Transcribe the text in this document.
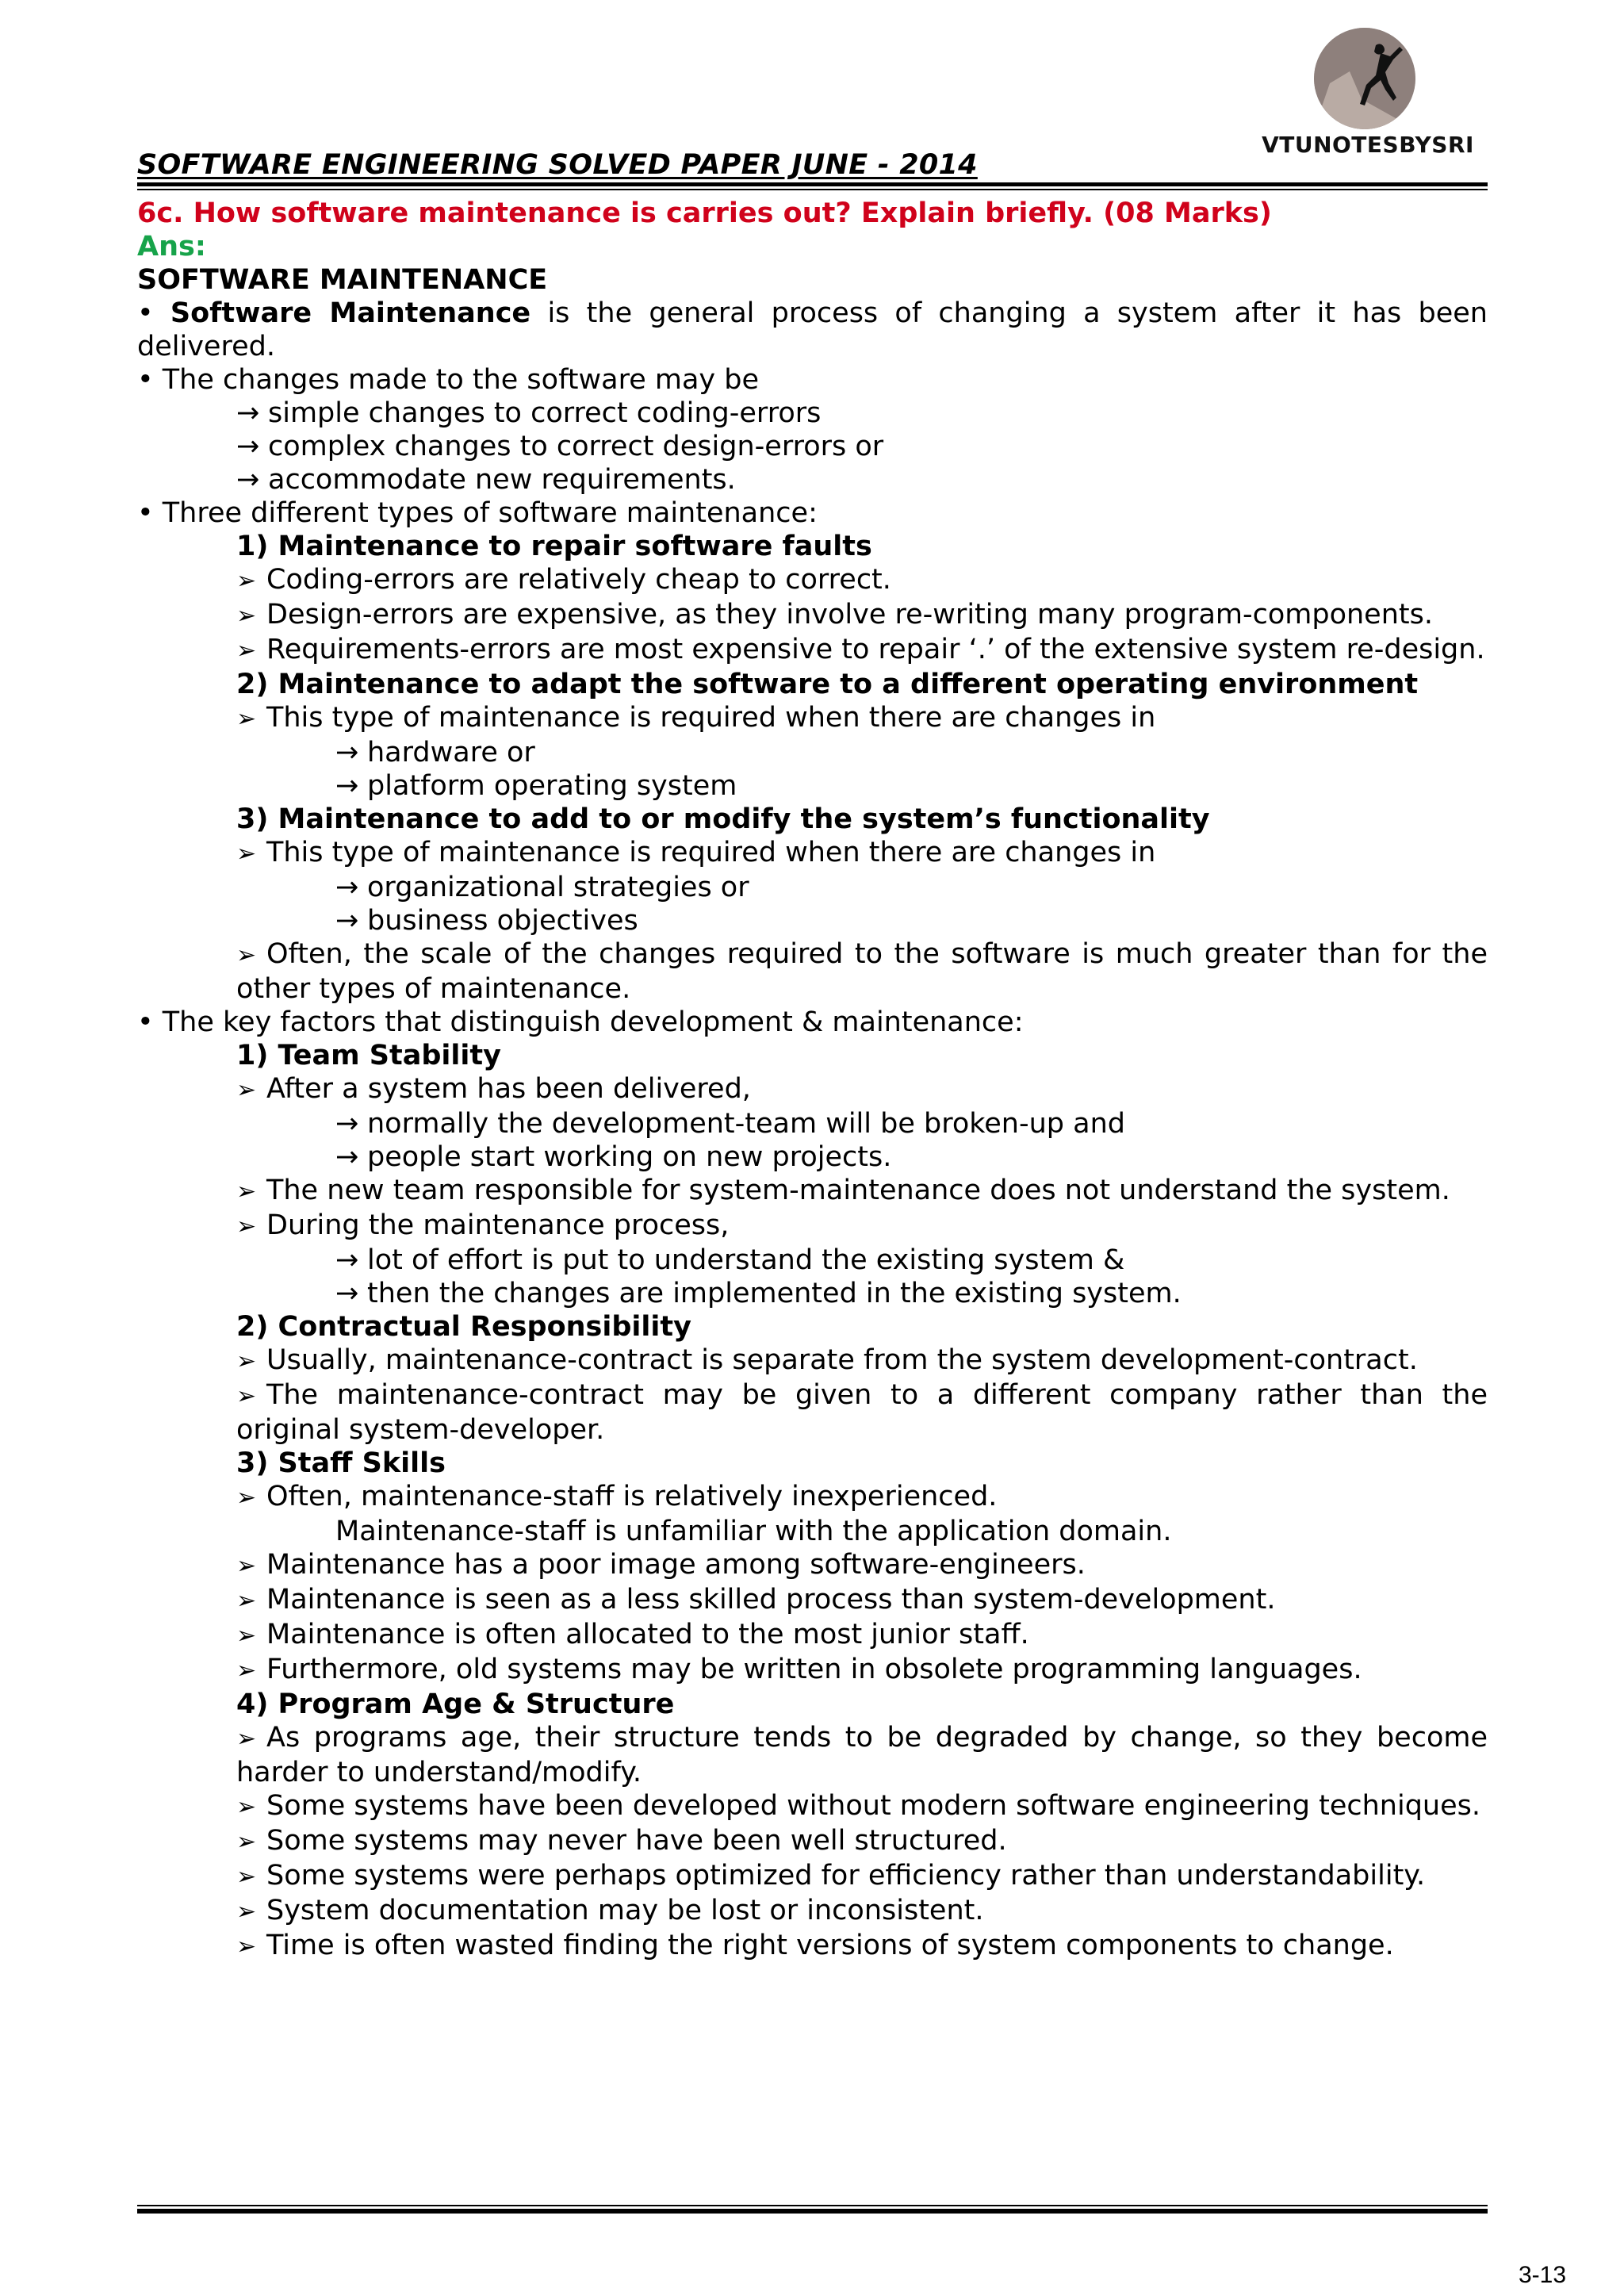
VTUNOTESBYSRI
SOFTWARE ENGINEERING SOLVED PAPER JUNE - 2014
6c. How software maintenance is carries out? Explain briefly. (08 Marks)
Ans:
SOFTWARE MAINTENANCE
• Software Maintenance is the general process of changing a system after it has been delivered.
• The changes made to the software may be
→ simple changes to correct coding-errors
→ complex changes to correct design-errors or
→ accommodate new requirements.
• Three different types of software maintenance:
1) Maintenance to repair software faults
➢ Coding-errors are relatively cheap to correct.
➢ Design-errors are expensive, as they involve re-writing many program-components.
➢ Requirements-errors are most expensive to repair ‘.’ of the extensive system re-design.
2) Maintenance to adapt the software to a different operating environment
➢ This type of maintenance is required when there are changes in
→ hardware or
→ platform operating system
3) Maintenance to add to or modify the system’s functionality
➢ This type of maintenance is required when there are changes in
→ organizational strategies or
→ business objectives
➢ Often, the scale of the changes required to the software is much greater than for the other types of maintenance.
• The key factors that distinguish development & maintenance:
1) Team Stability
➢ After a system has been delivered,
→ normally the development-team will be broken-up and
→ people start working on new projects.
➢ The new team responsible for system-maintenance does not understand the system.
➢ During the maintenance process,
→ lot of effort is put to understand the existing system &
→ then the changes are implemented in the existing system.
2) Contractual Responsibility
➢ Usually, maintenance-contract is separate from the system development-contract.
➢ The maintenance-contract may be given to a different company rather than the original system-developer.
3) Staff Skills
➢ Often, maintenance-staff is relatively inexperienced.
Maintenance-staff is unfamiliar with the application domain.
➢ Maintenance has a poor image among software-engineers.
➢ Maintenance is seen as a less skilled process than system-development.
➢ Maintenance is often allocated to the most junior staff.
➢ Furthermore, old systems may be written in obsolete programming languages.
4) Program Age & Structure
➢ As programs age, their structure tends to be degraded by change, so they become harder to understand/modify.
➢ Some systems have been developed without modern software engineering techniques.
➢ Some systems may never have been well structured.
➢ Some systems were perhaps optimized for efficiency rather than understandability.
➢ System documentation may be lost or inconsistent.
➢ Time is often wasted finding the right versions of system components to change.
3-13
